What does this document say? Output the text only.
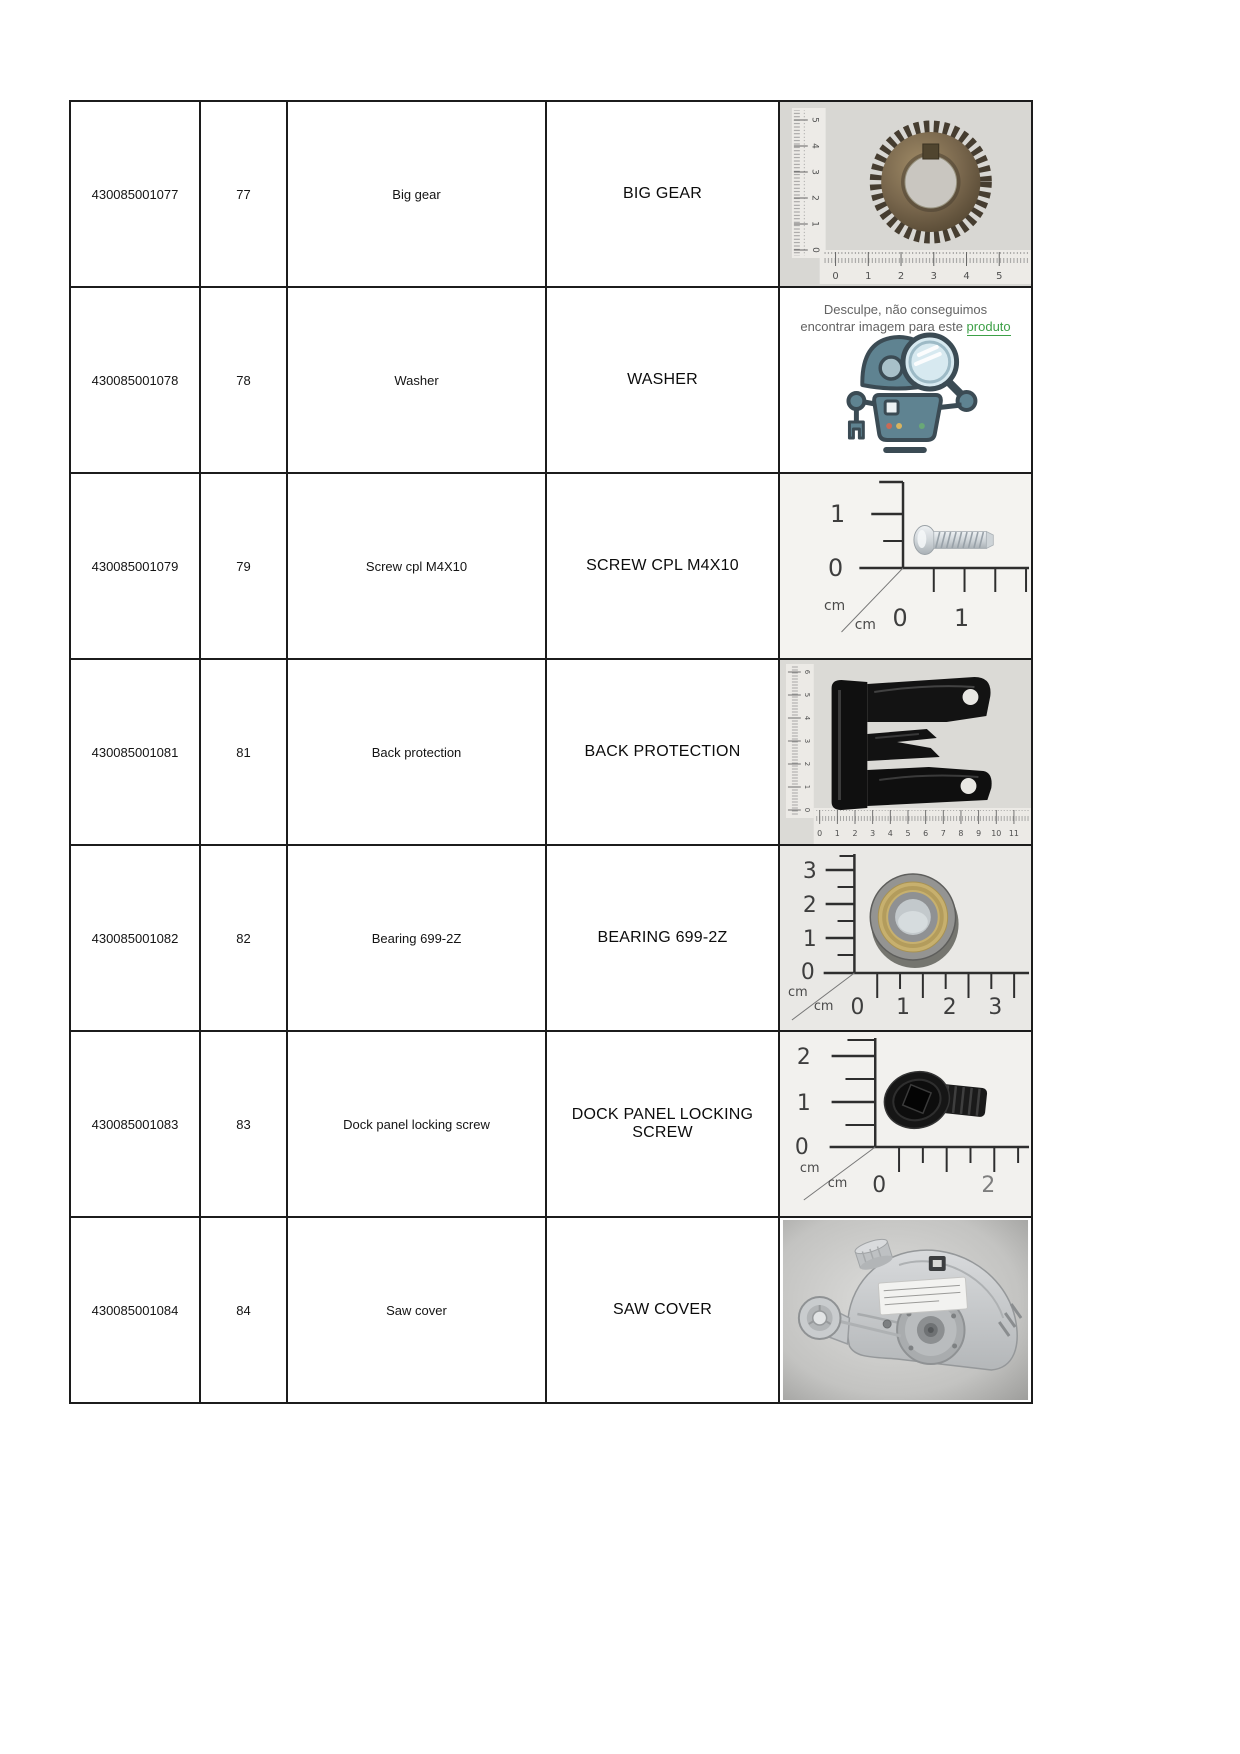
430085001077	77	Big gear	BIG GEAR	
5
4
3
2
1
0
0	1	2	3	4	5

430085001078	78	Washer	WASHER	Desculpe, não conseguimos
encontrar imagem para este produto

430085001079	79	Screw cpl M4X10	SCREW CPL M4X10	
1
0
0 1
cm
cm

430085001081	81	Back protection	BACK PROTECTION	
6
5
4
3
2
1
0
0 1 2 3 4 5 6 7 8 9 10 11

430085001082	82	Bearing 699-2Z	BEARING 699-2Z	
3
2
1
0
0 1 2 3
cm
cm

430085001083	83	Dock panel locking screw	DOCK PANEL LOCKING SCREW	
2
1
0
0	2
cm
cm

430085001084	84	Saw cover	SAW COVER	
